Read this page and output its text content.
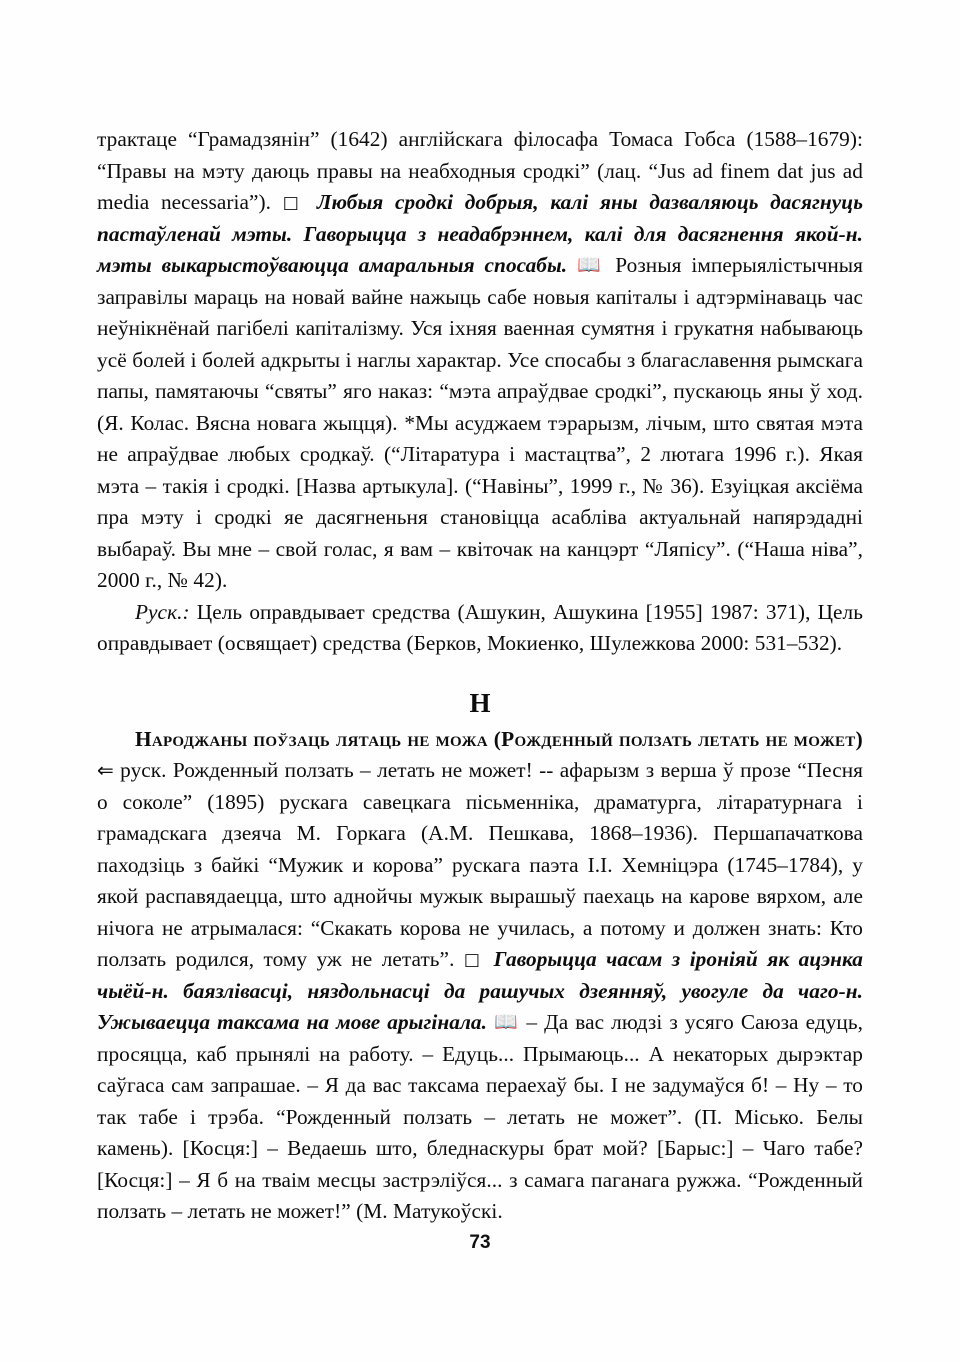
трактаце “Грамадзянін” (1642) англійскага філосафа Томаса Гобса (1588–1679): “Правы на мэту даюць правы на неабходныя сродкі” (лац. “Jus ad finem dat jus ad media necessaria”). □ Любыя сродкі добрыя, калі яны дазваляюць дасягнуць пастаўленай мэты. Гаворыцца з неадабрэннем, калі для дасягнення якой-н. мэты выкарыстоўваюцца амаральныя спосабы. 📖 Розныя імперыялістычныя заправілы мараць на новай вайне нажыць сабе новыя капіталы і адтэрмінаваць час неўнікнёнай пагібелі капіталізму. Уся іхняя ваенная сумятня і грукатня набываюць усё болей і болей адкрыты і наглы характар. Усе спосабы з благаславення рымскага папы, памятаючы “святы” яго наказ: “мэта апраўдвае сродкі”, пускаюць яны ў ход. (Я. Колас. Вясна новага жыцця). *Мы асуджаем тэрарызм, лічым, што святая мэта не апраўдвае любых сродкаў. (“Літаратура і мастацтва”, 2 лютага 1996 г.). Якая мэта – такія і сродкі. [Назва артыкула]. (“Навіны”, 1999 г., № 36). Езуіцкая аксіёма пра мэту і сродкі яе дасягненьня становіцца асабліва актуальнай напярэдадні выбараў. Вы мне – свой голас, я вам – квіточак на канцэрт “Ляпісу”. (“Наша ніва”, 2000 г., № 42).

Руск.: Цель оправдывает средства (Ашукин, Ашукина [1955] 1987: 371), Цель оправдывает (освящает) средства (Берков, Мокиенко, Шулежкова 2000: 531–532).

Н

Народжаны поўзаць лятаць не можа (Рожденный ползать летать не может) ⇐ руск. Рожденный ползать – летать не может! -- афарызм з верша ў прозе “Песня о соколе” (1895) рускага савецкага пісьменніка, драматурга, літаратурнага і грамадскага дзеяча М. Горкага (А.М. Пешкава, 1868–1936). Першапачаткова паходзіць з байкі “Мужик и корова” рускага паэта І.І. Хемніцэра (1745–1784), у якой распавядаецца, што аднойчы мужык вырашыў паехаць на карове вярхом, але нічога не атрымалася: “Скакать корова не училась, а потому и должен знать: Кто ползать родился, тому уж не летать”. □ Гаворыцца часам з іроніяй як ацэнка чыёй-н. баязлівасці, няздольнасці да рашучых дзеянняў, увогуле да чаго-н. Ужываецца таксама на мове арыгінала. 📖 – Да вас людзі з усяго Саюза едуць, просяцца, каб прынялі на работу. – Едуць... Прымаюць... А некаторых дырэктар саўгаса сам запрашае. – Я да вас таксама пераехаў бы. І не задумаўся б! – Ну – то так табе і трэба. “Рожденный ползать – летать не может”. (П. Місько. Белы камень). [Косця:] – Ведаешь што, бледнаскуры брат мой? [Барыс:] – Чаго табе? [Косця:] – Я б на тваім месцы застрэліўся... з самага паганага ружжа. “Рожденный ползать – летать не может!” (М. Матукоўскі.

73
